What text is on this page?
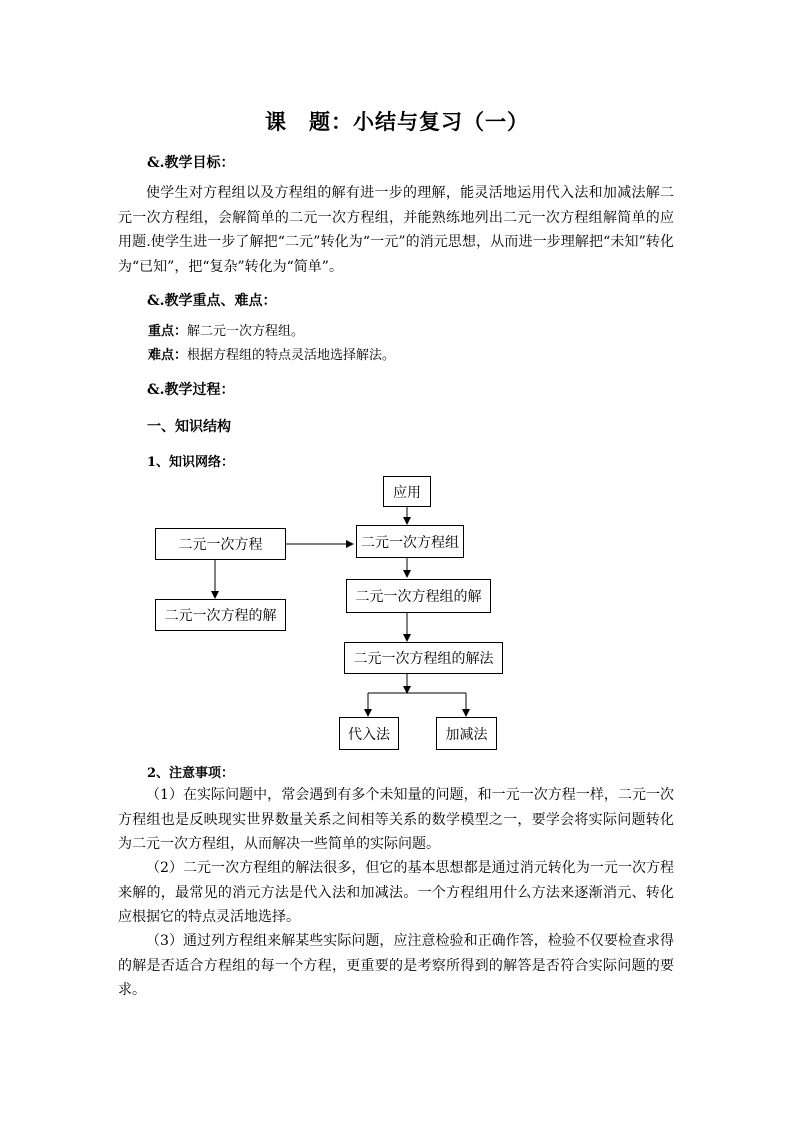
课　题：小结与复习（一）
&.教学目标：

使学生对方程组以及方程组的解有进一步的理解，能灵活地运用代入法和加减法解二元一次方程组，会解简单的二元一次方程组，并能熟练地列出二元一次方程组解简单的应用题.使学生进一步了解把“二元”转化为“一元”的消元思想，从而进一步理解把“未知”转化为“已知”，把“复杂”转化为“简单”。

&.教学重点、难点：
重点：解二元一次方程组。
难点：根据方程组的特点灵活地选择解法。
&.教学过程：
一、知识结构
1、知识网络：
应用
二元一次方程	二元一次方程组
二元一次方程的解
二元一次方程组的解
二元一次方程组的解法
代入法	加减法
2、注意事项：

（1）在实际问题中，常会遇到有多个未知量的问题，和一元一次方程一样，二元一次方程组也是反映现实世界数量关系之间相等关系的数学模型之一，要学会将实际问题转化为二元一次方程组，从而解决一些简单的实际问题。

（2）二元一次方程组的解法很多，但它的基本思想都是通过消元转化为一元一次方程来解的，最常见的消元方法是代入法和加减法。一个方程组用什么方法来逐渐消元、转化应根据它的特点灵活地选择。

（3）通过列方程组来解某些实际问题，应注意检验和正确作答，检验不仅要检查求得的解是否适合方程组的每一个方程，更重要的是考察所得到的解答是否符合实际问题的要求。
